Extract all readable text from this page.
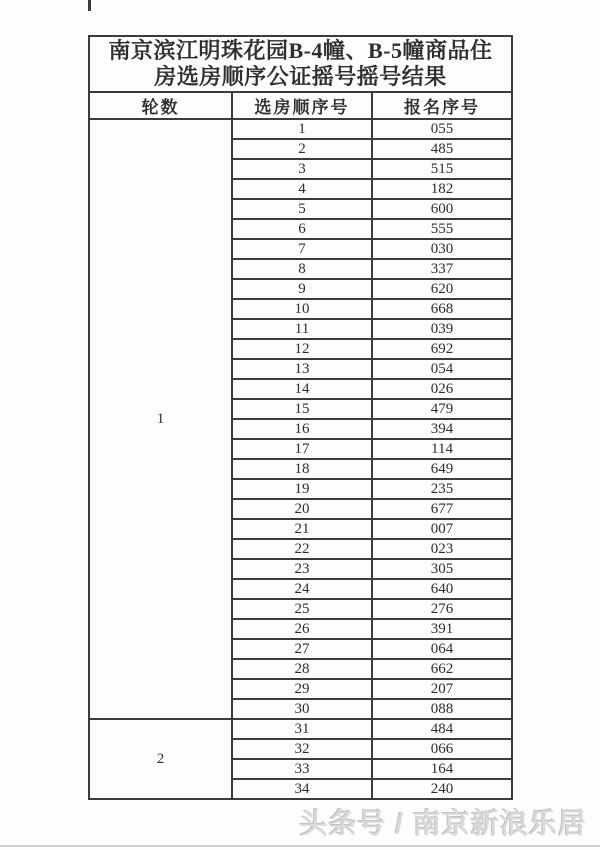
南京滨江明珠花园B-4幢、B-5幢商品住
房选房顺序公证摇号摇号结果		

轮数	选房顺序号	报名序号
1	1	055
	2	485
	3	515
	4	182
	5	600
	6	555
	7	030
	8	337
	9	620
	10	668
	11	039
	12	692
	13	054
	14	026
	15	479
	16	394
	17	114
	18	649
	19	235
	20	677
	21	007
	22	023
	23	305
	24	640
	25	276
	26	391
	27	064
	28	662
	29	207
	30	088
2	31	484
	32	066
	33	164
	34	240
头条号 / 南京新浪乐居
